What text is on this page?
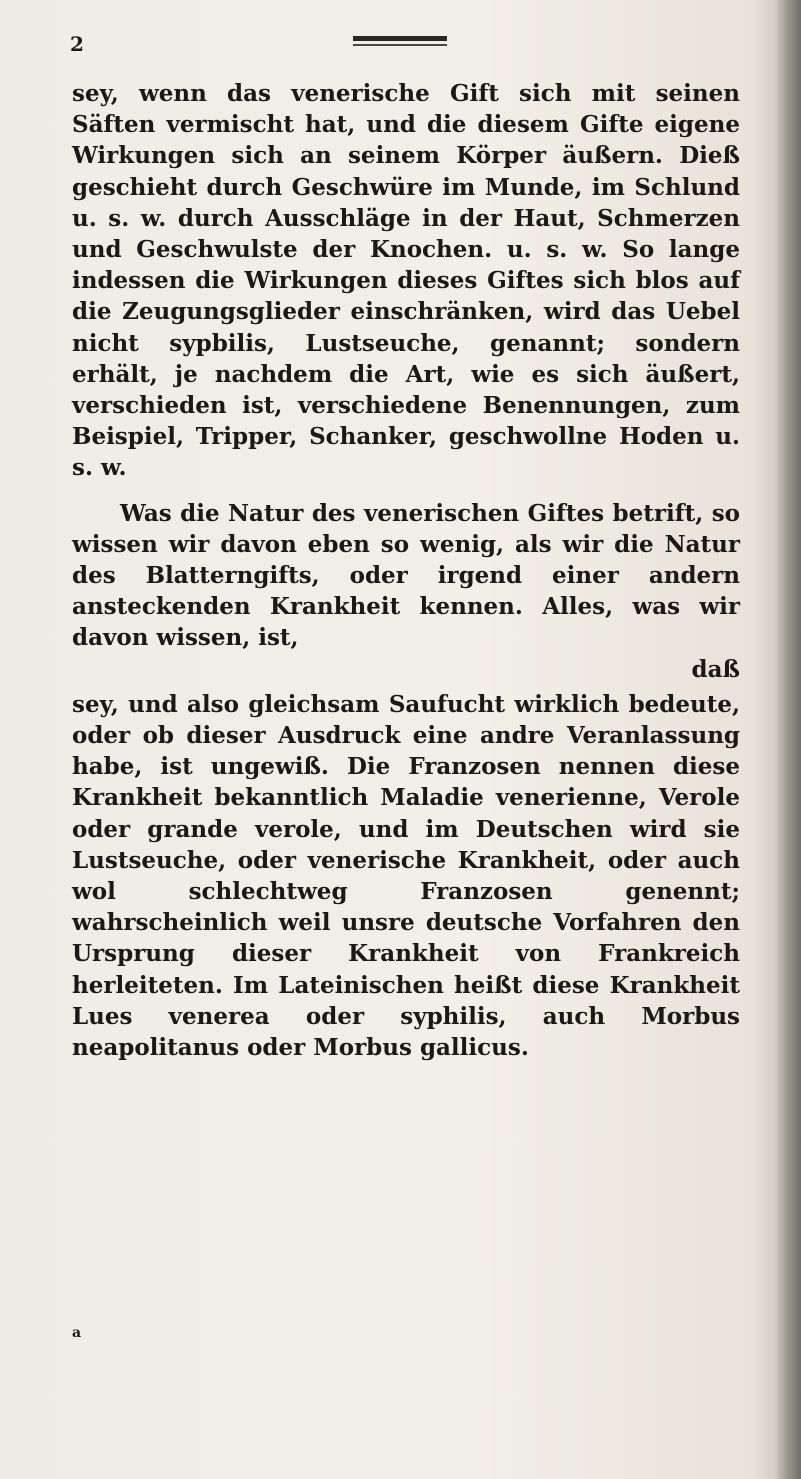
2

sey, wenn das venerische Gift sich mit seinen Säften vermischt hat, und die diesem Gifte eigene Wirkungen sich an seinem Körper äußern. Dieß geschieht durch Geschwüre im Munde, im Schlund u. s. w. durch Ausschläge in der Haut, Schmerzen und Geschwulste der Knochen. u. s. w. So lange indessen die Wirkungen dieses Giftes sich blos auf die Zeugungsglieder einschränken, wird das Uebel nicht sypbilis, Lustseuche, genannt; sondern erhält, je nachdem die Art, wie es sich äußert, verschieden ist, verschiedene Benennungen, zum Beispiel, Tripper, Schanker, geschwollne Hoden u. s. w.

Was die Natur des venerischen Giftes betrift, so wissen wir davon eben so wenig, als wir die Natur des Blatterngifts, oder irgend einer andern ansteckenden Krankheit kennen. Alles, was wir davon wissen, ist,

daß

sey, und also gleichsam Saufucht wirklich bedeute, oder ob dieser Ausdruck eine andre Veranlassung habe, ist ungewiß. Die Franzosen nennen diese Krankheit bekanntlich Maladie venerienne, Verole oder grande verole, und im Deutschen wird sie Lustseuche, oder venerische Krankheit, oder auch wol schlechtweg Franzosen genennt; wahrscheinlich weil unsre deutsche Vorfahren den Ursprung dieser Krankheit von Frankreich herleiteten. Im Lateinischen heißt diese Krankheit Lues venerea oder syphilis, auch Morbus neapolitanus oder Morbus gallicus.

a
